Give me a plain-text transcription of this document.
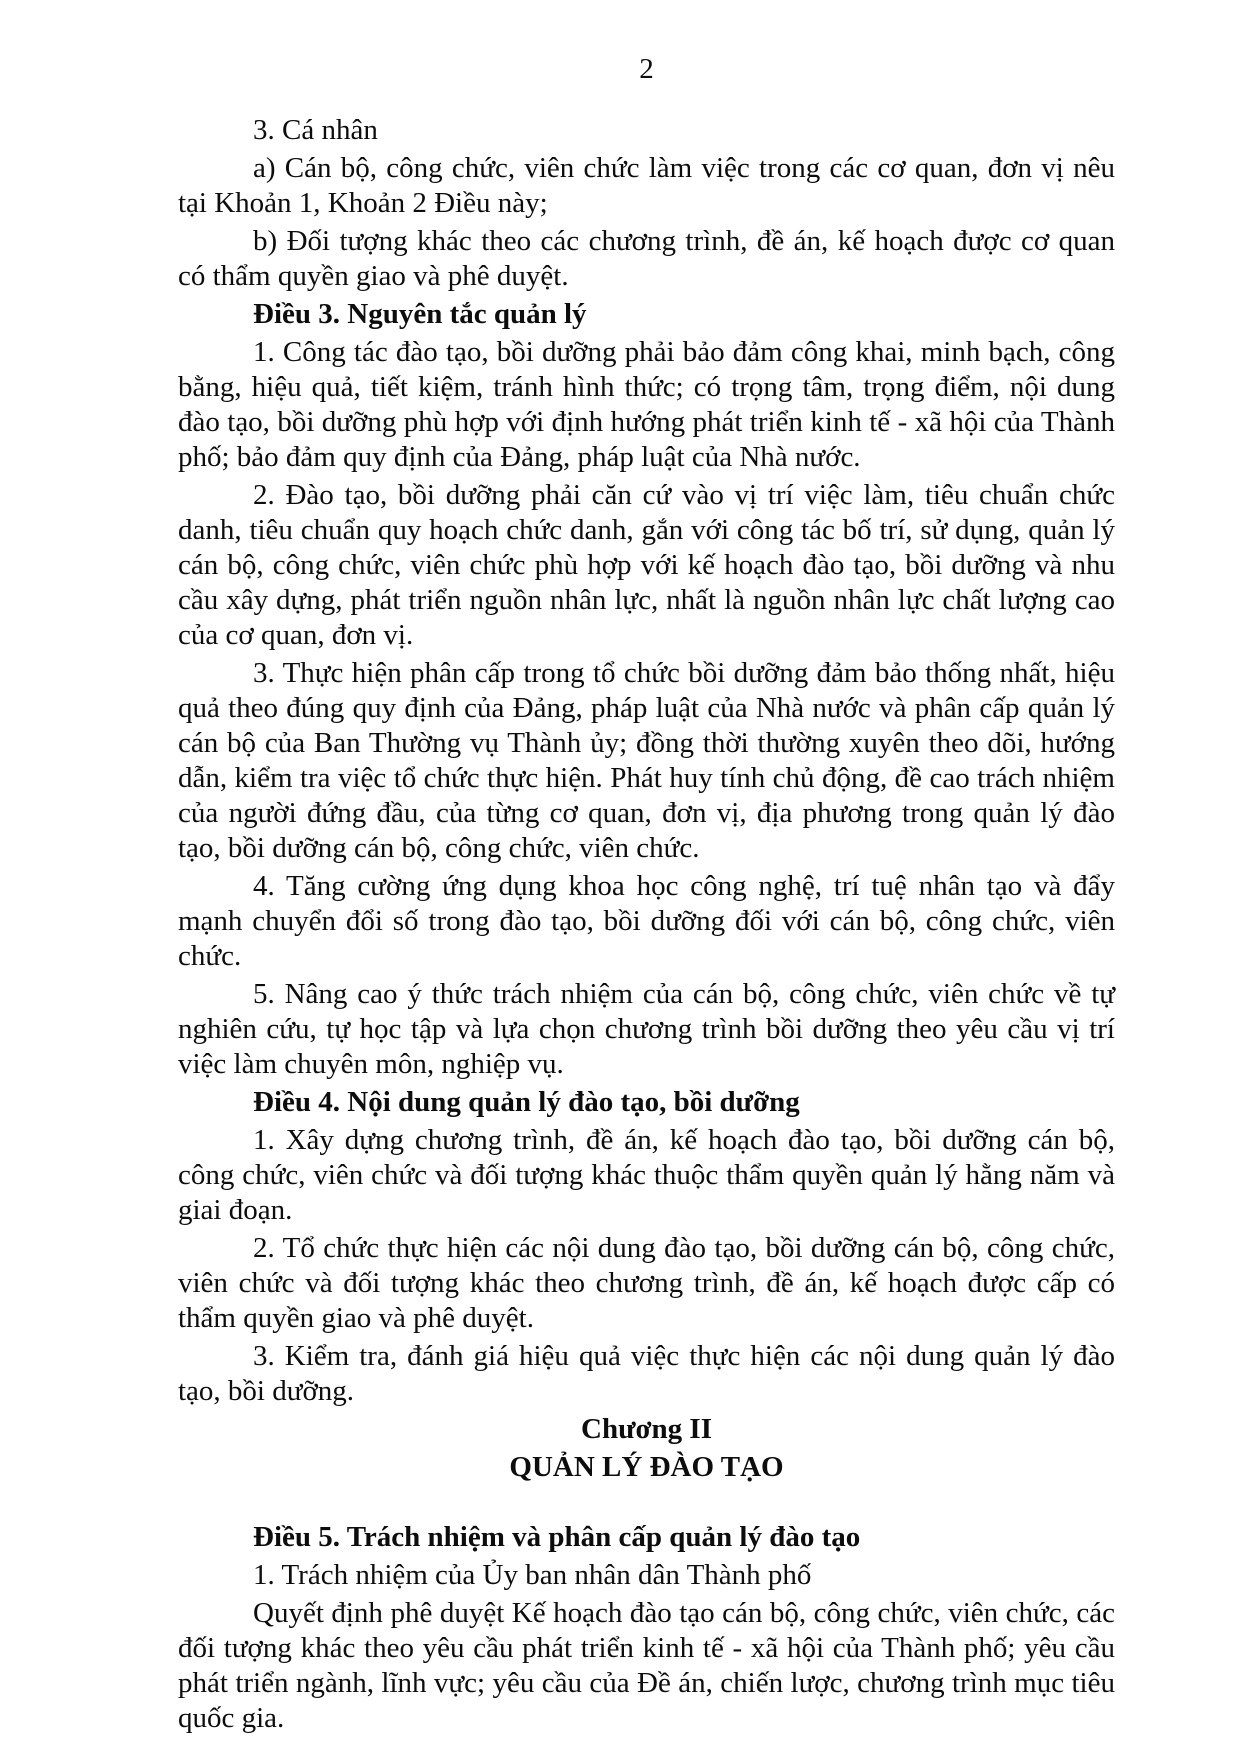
2

3. Cá nhân

a) Cán bộ, công chức, viên chức làm việc trong các cơ quan, đơn vị nêu tại Khoản 1, Khoản 2 Điều này;

b) Đối tượng khác theo các chương trình, đề án, kế hoạch được cơ quan có thẩm quyền giao và phê duyệt.

Điều 3. Nguyên tắc quản lý

1. Công tác đào tạo, bồi dưỡng phải bảo đảm công khai, minh bạch, công bằng, hiệu quả, tiết kiệm, tránh hình thức; có trọng tâm, trọng điểm, nội dung đào tạo, bồi dưỡng phù hợp với định hướng phát triển kinh tế - xã hội của Thành phố; bảo đảm quy định của Đảng, pháp luật của Nhà nước.

2. Đào tạo, bồi dưỡng phải căn cứ vào vị trí việc làm, tiêu chuẩn chức danh, tiêu chuẩn quy hoạch chức danh, gắn với công tác bố trí, sử dụng, quản lý cán bộ, công chức, viên chức phù hợp với kế hoạch đào tạo, bồi dưỡng và nhu cầu xây dựng, phát triển nguồn nhân lực, nhất là nguồn nhân lực chất lượng cao của cơ quan, đơn vị.

3. Thực hiện phân cấp trong tổ chức bồi dưỡng đảm bảo thống nhất, hiệu quả theo đúng quy định của Đảng, pháp luật của Nhà nước và phân cấp quản lý cán bộ của Ban Thường vụ Thành ủy; đồng thời thường xuyên theo dõi, hướng dẫn, kiểm tra việc tổ chức thực hiện. Phát huy tính chủ động, đề cao trách nhiệm của người đứng đầu, của từng cơ quan, đơn vị, địa phương trong quản lý đào tạo, bồi dưỡng cán bộ, công chức, viên chức.

4. Tăng cường ứng dụng khoa học công nghệ, trí tuệ nhân tạo và đẩy mạnh chuyển đổi số trong đào tạo, bồi dưỡng đối với cán bộ, công chức, viên chức.

5. Nâng cao ý thức trách nhiệm của cán bộ, công chức, viên chức về tự nghiên cứu, tự học tập và lựa chọn chương trình bồi dưỡng theo yêu cầu vị trí việc làm chuyên môn, nghiệp vụ.

Điều 4. Nội dung quản lý đào tạo, bồi dưỡng

1. Xây dựng chương trình, đề án, kế hoạch đào tạo, bồi dưỡng cán bộ, công chức, viên chức và đối tượng khác thuộc thẩm quyền quản lý hằng năm và giai đoạn.

2. Tổ chức thực hiện các nội dung đào tạo, bồi dưỡng cán bộ, công chức, viên chức và đối tượng khác theo chương trình, đề án, kế hoạch được cấp có thẩm quyền giao và phê duyệt.

3. Kiểm tra, đánh giá hiệu quả việc thực hiện các nội dung quản lý đào tạo, bồi dưỡng.

Chương II

QUẢN LÝ ĐÀO TẠO

Điều 5. Trách nhiệm và phân cấp quản lý đào tạo

1. Trách nhiệm của Ủy ban nhân dân Thành phố

Quyết định phê duyệt Kế hoạch đào tạo cán bộ, công chức, viên chức, các đối tượng khác theo yêu cầu phát triển kinh tế - xã hội của Thành phố; yêu cầu phát triển ngành, lĩnh vực; yêu cầu của Đề án, chiến lược, chương trình mục tiêu quốc gia.
